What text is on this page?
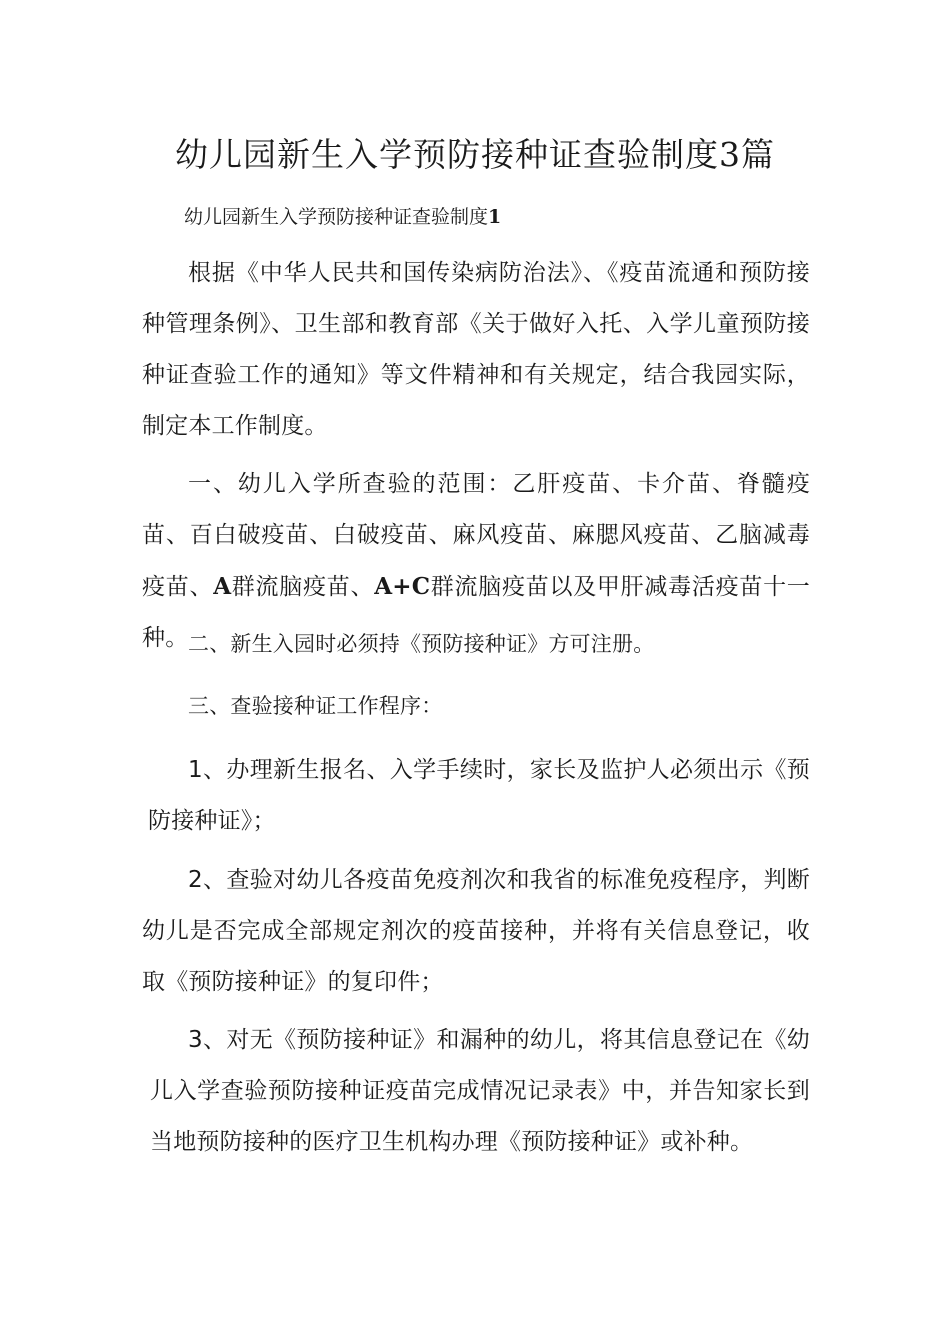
幼儿园新生入学预防接种证查验制度3篇

幼儿园新生入学预防接种证查验制度1

根据《中华人民共和国传染病防治法》、《疫苗流通和预防接种管理条例》、卫生部和教育部《关于做好入托、入学儿童预防接种证查验工作的通知》等文件精神和有关规定，结合我园实际，制定本工作制度。

一、幼儿入学所查验的范围：乙肝疫苗、卡介苗、脊髓疫苗、百白破疫苗、白破疫苗、麻风疫苗、麻腮风疫苗、乙脑减毒疫苗、A群流脑疫苗、A+C群流脑疫苗以及甲肝减毒活疫苗十一种。 二、新生入园时必须持《预防接种证》方可注册。

三、查验接种证工作程序：

1、办理新生报名、入学手续时，家长及监护人必须出示《预防接种证》；

2、查验对幼儿各疫苗免疫剂次和我省的标准免疫程序，判断幼儿是否完成全部规定剂次的疫苗接种，并将有关信息登记，收取《预防接种证》的复印件；

3、对无《预防接种证》和漏种的幼儿，将其信息登记在《幼儿入学查验预防接种证疫苗完成情况记录表》中，并告知家长到当地预防接种的医疗卫生机构办理《预防接种证》或补种。
